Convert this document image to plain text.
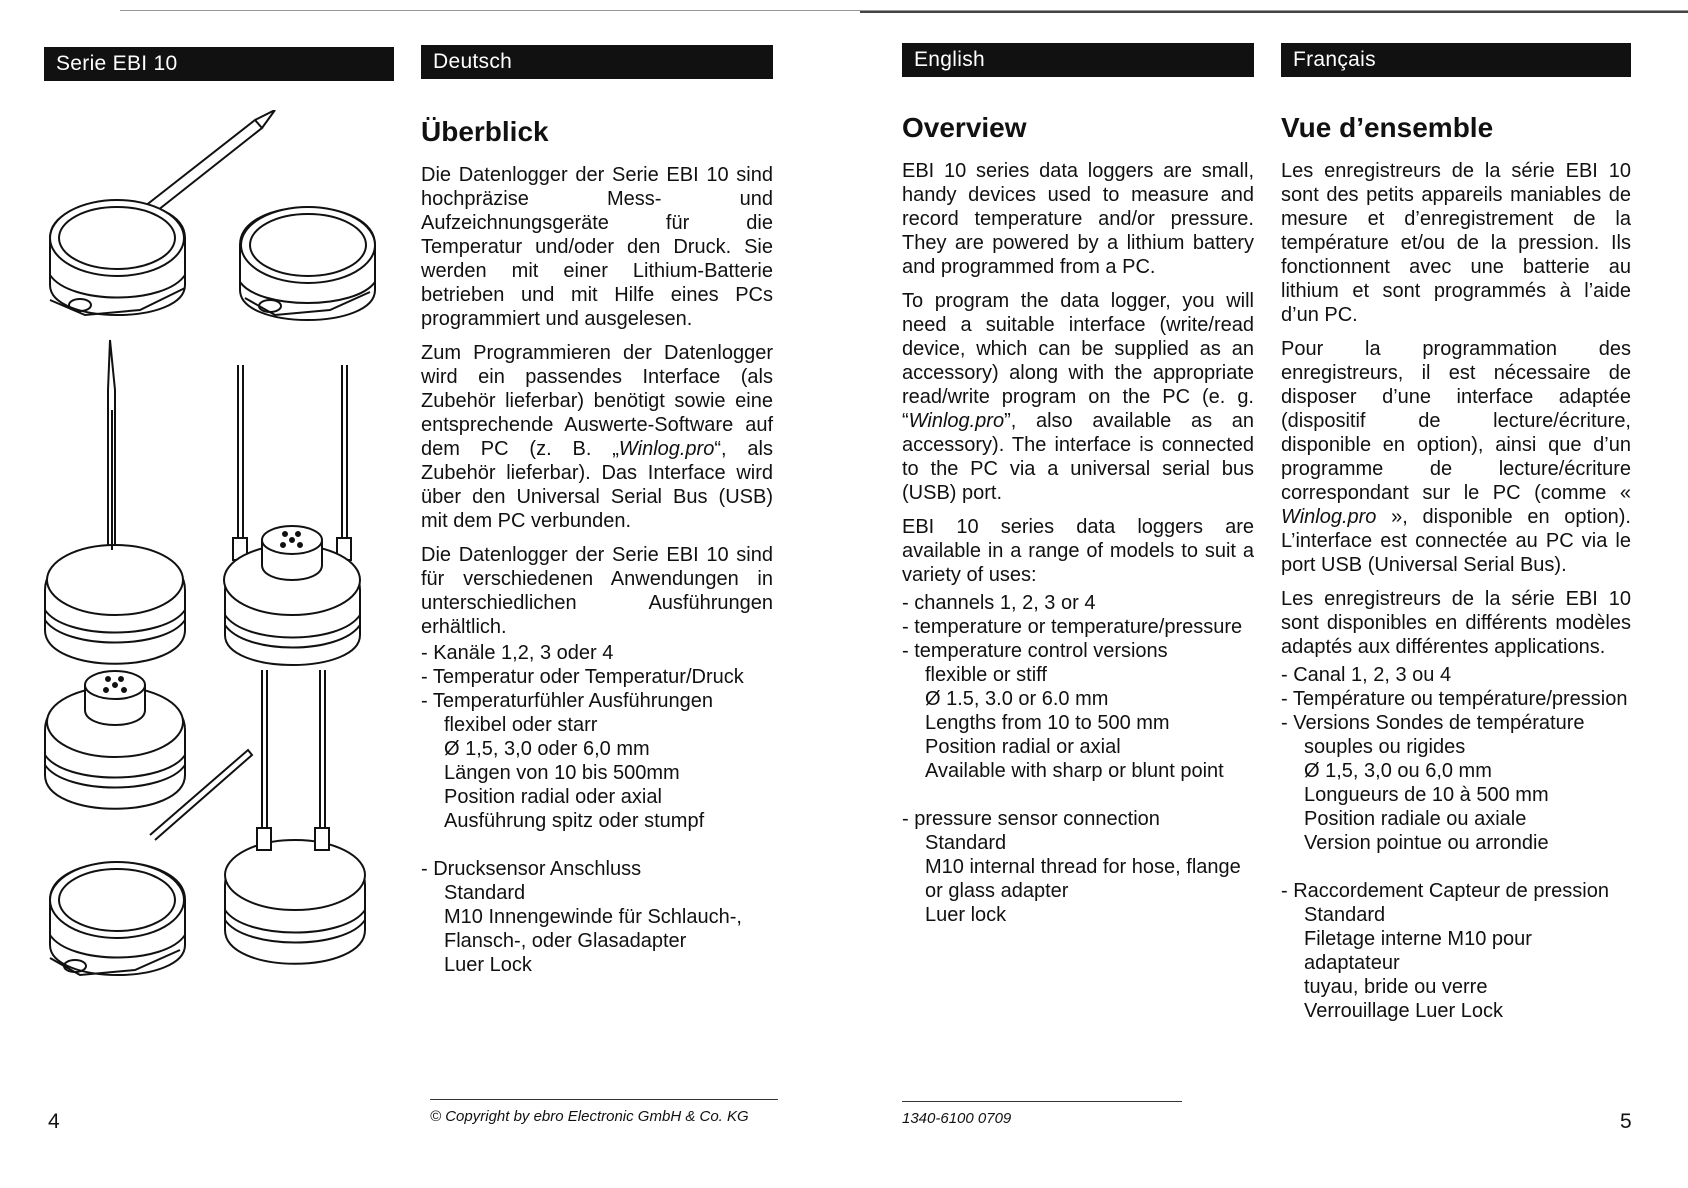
Serie EBI 10	Deutsch	English	Français
Überblick

Die Datenlogger der Serie EBI 10 sind hochpräzise Mess- und Aufzeichnungsgeräte für die Temperatur und/oder den Druck. Sie werden mit einer Lithium-Batterie betrieben und mit Hilfe eines PCs programmiert und ausgelesen.

Zum Programmieren der Datenlogger wird ein passendes Interface (als Zubehör lieferbar) benötigt sowie eine entsprechende Auswerte-Software auf dem PC (z. B. „Winlog.pro“, als Zubehör lieferbar). Das Interface wird über den Universal Serial Bus (USB) mit dem PC verbunden.

Die Datenlogger der Serie EBI 10 sind für verschiedenen Anwendungen in unterschiedlichen Ausführungen erhältlich.

- Kanäle 1,2, 3 oder 4
- Temperatur oder Temperatur/Druck
- Temperaturfühler Ausführungen
flexibel oder starr
Ø 1,5, 3,0 oder 6,0 mm
Längen von 10 bis 500mm
Position radial oder axial
Ausführung spitz oder stumpf
- Drucksensor Anschluss
Standard
M10 Innengewinde für Schlauch-,
Flansch-, oder Glasadapter
Luer Lock
Overview

EBI 10 series data loggers are small, handy devices used to measure and record temperature and/or pressure. They are powered by a lithium battery and programmed from a PC.

To program the data logger, you will need a suitable interface (write/read device, which can be supplied as an accessory) along with the appropriate read/write program on the PC (e. g. “Winlog.pro”, also available as an accessory). The interface is connected to the PC via a universal serial bus (USB) port.

EBI 10 series data loggers are available in a range of models to suit a variety of uses:

- channels 1, 2, 3 or 4
- temperature or temperature/pressure
- temperature control versions
flexible or stiff
Ø 1.5, 3.0 or 6.0 mm
Lengths from 10 to 500 mm
Position radial or axial
Available with sharp or blunt point
- pressure sensor connection
Standard
M10 internal thread for hose, flange
or glass adapter
Luer lock
Vue d’ensemble

Les enregistreurs de la série EBI 10 sont des petits appareils maniables de mesure et d’enregistrement de la température et/ou de la pression. Ils fonctionnent avec une batterie au lithium et sont programmés à l’aide d’un PC.

Pour la programmation des enregistreurs, il est nécessaire de disposer d’une interface adaptée (dispositif de lecture/écriture, disponible en option), ainsi que d’un programme de lecture/écriture correspondant sur le PC (comme « Winlog.pro », disponible en option). L’interface est connectée au PC via le port USB (Universal Serial Bus).

Les enregistreurs de la série EBI 10 sont disponibles en différents modèles adaptés aux différentes applications.

- Canal 1, 2, 3 ou 4
- Température ou température/pression
- Versions Sondes de température
souples ou rigides
Ø 1,5, 3,0 ou 6,0 mm
Longueurs de 10 à 500 mm
Position radiale ou axiale
Version pointue ou arrondie
- Raccordement Capteur de pression
Standard
Filetage interne M10 pour adaptateur
tuyau, bride ou verre
Verrouillage Luer Lock
© Copyright by ebro Electronic GmbH & Co. KG	1340-6100 0709
4	5
